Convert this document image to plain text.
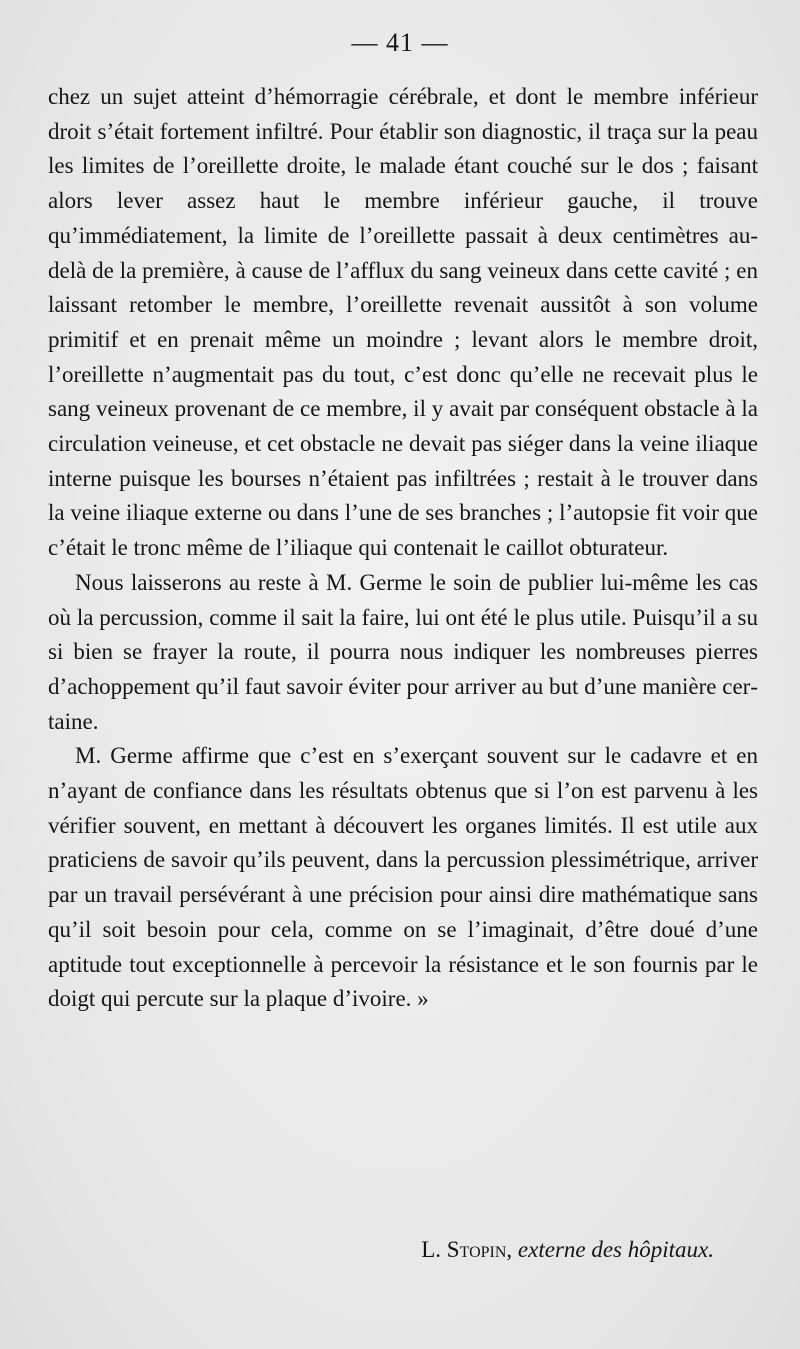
— 41 —

chez un sujet atteint d’hémorragie cérébrale, et dont le membre inférieur droit s’était fortement infiltré. Pour établir son diagnostic, il traça sur la peau les limites de l’oreillette droite, le malade étant couché sur le dos ; faisant alors lever assez haut le membre inférieur gauche, il trouve qu’immédiatement, la limite de l’oreillette passait à deux centimètres au-delà de la première, à cause de l’afflux du sang veineux dans cette cavité ; en laissant retomber le membre, l’oreillette revenait aussitôt à son volume primitif et en prenait même un moindre ; levant alors le membre droit, l’oreillette n’augmentait pas du tout, c’est donc qu’elle ne recevait plus le sang veineux provenant de ce membre, il y avait par conséquent obstacle à la circulation veineuse, et cet obstacle ne devait pas siéger dans la veine iliaque interne puisque les bourses n’étaient pas infiltrées ; restait à le trouver dans la veine iliaque externe ou dans l’une de ses branches ; l’autopsie fit voir que c’était le tronc même de l’iliaque qui contenait le caillot obturateur.

Nous laisserons au reste à M. Germe le soin de publier lui-même les cas où la percussion, comme il sait la faire, lui ont été le plus utile. Puisqu’il a su si bien se frayer la route, il pourra nous indiquer les nombreuses pierres d’achoppement qu’il faut savoir éviter pour arriver au but d’une manière certaine.

M. Germe affirme que c’est en s’exerçant souvent sur le cadavre et en n’ayant de confiance dans les résultats obtenus que si l’on est parvenu à les vérifier souvent, en mettant à découvert les organes limités. Il est utile aux praticiens de savoir qu’ils peuvent, dans la percussion plessimétrique, arriver par un travail persévérant à une précision pour ainsi dire mathématique sans qu’il soit besoin pour cela, comme on se l’imaginait, d’être doué d’une aptitude tout exceptionnelle à percevoir la résistance et le son fournis par le doigt qui percute sur la plaque d’ivoire. »

L. Stopin, externe des hôpitaux.
